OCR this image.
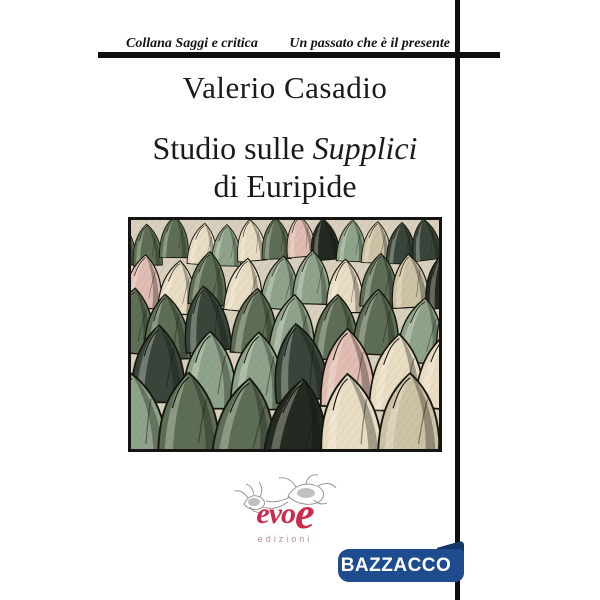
Collana Saggi e critica Un passato che è il presente
Valerio Casadio
Studio sulle Supplici
di Euripide
evoe
edizioni
BAZZACCO
